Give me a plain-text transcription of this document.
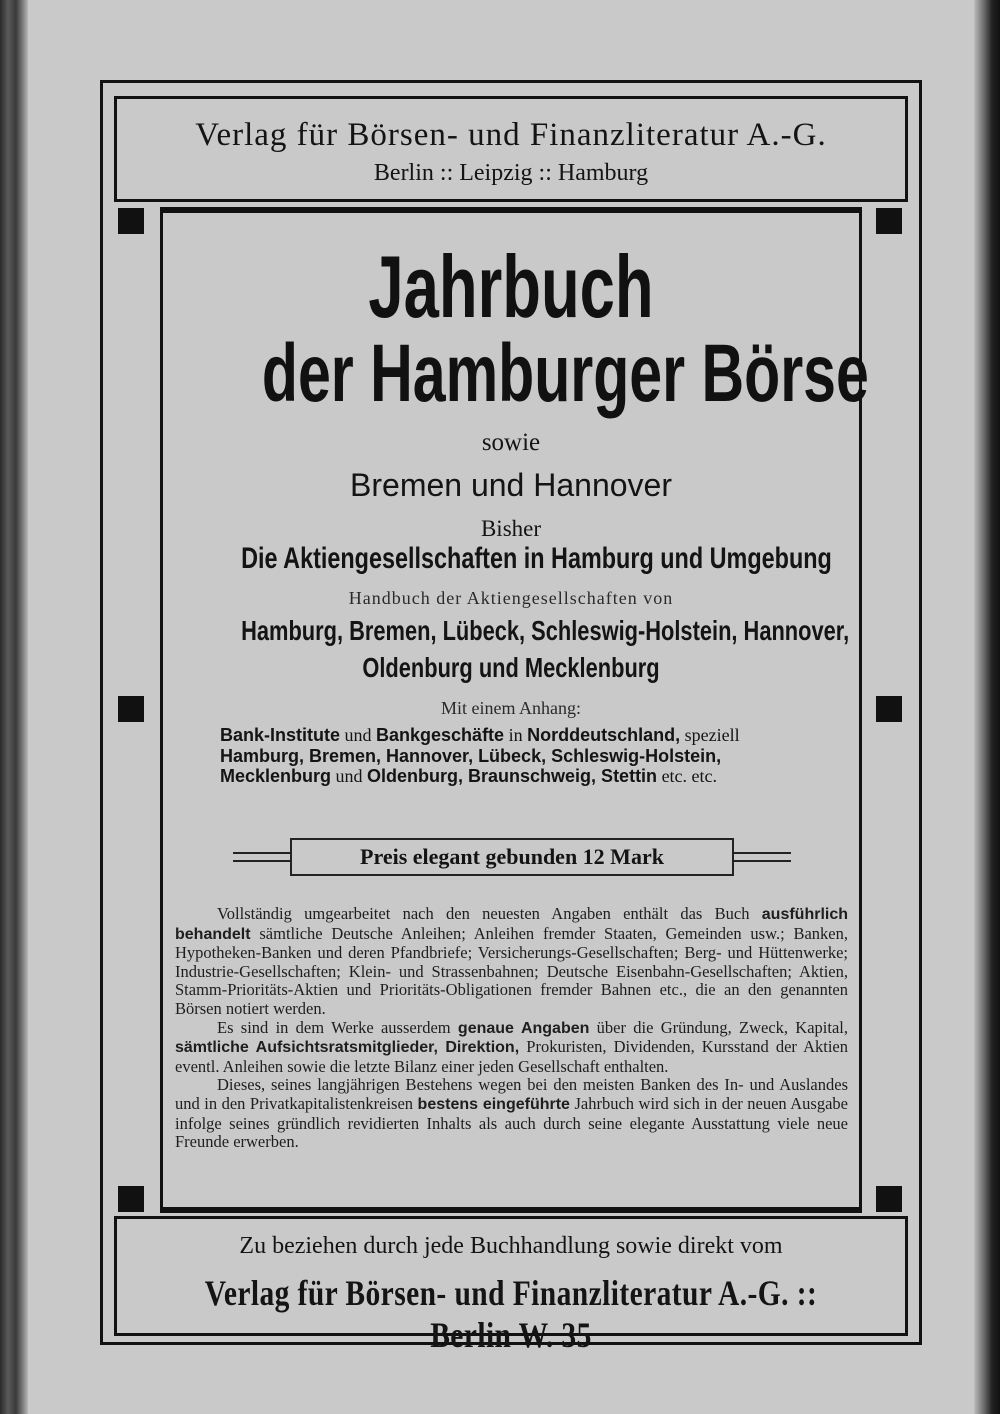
Verlag für Börsen- und Finanzliteratur A.-G.
Berlin :: Leipzig :: Hamburg
Jahrbuch
der Hamburger Börse
sowie
Bremen und Hannover
Bisher
Die Aktiengesellschaften in Hamburg und Umgebung
Handbuch der Aktiengesellschaften von
Hamburg, Bremen, Lübeck, Schleswig-Holstein, Hannover,
Oldenburg und Mecklenburg
Mit einem Anhang:
Bank-Institute und Bankgeschäfte in Norddeutschland, speziell Hamburg, Bremen, Hannover, Lübeck, Schleswig-Holstein, Mecklenburg und Oldenburg, Braunschweig, Stettin etc. etc.
Preis elegant gebunden 12 Mark

Vollständig umgearbeitet nach den neuesten Angaben enthält das Buch ausführlich behandelt sämtliche Deutsche Anleihen; Anleihen fremder Staaten, Gemeinden usw.; Banken, Hypotheken-Banken und deren Pfandbriefe; Versicherungs-Gesellschaften; Berg- und Hüttenwerke; Industrie-Gesellschaften; Klein- und Strassenbahnen; Deutsche Eisenbahn-Gesellschaften; Aktien, Stamm-Prioritäts-Aktien und Prioritäts-Obligationen fremder Bahnen etc., die an den genannten Börsen notiert werden.

Es sind in dem Werke ausserdem genaue Angaben über die Gründung, Zweck, Kapital, sämtliche Aufsichtsratsmitglieder, Direktion, Prokuristen, Dividenden, Kursstand der Aktien eventl. Anleihen sowie die letzte Bilanz einer jeden Gesellschaft enthalten.

Dieses, seines langjährigen Bestehens wegen bei den meisten Banken des In- und Auslandes und in den Privatkapitalistenkreisen bestens eingeführte Jahrbuch wird sich in der neuen Ausgabe infolge seines gründlich revidierten Inhalts als auch durch seine elegante Ausstattung viele neue Freunde erwerben.

Zu beziehen durch jede Buchhandlung sowie direkt vom
Verlag für Börsen- und Finanzliteratur A.-G. :: Berlin W. 35
